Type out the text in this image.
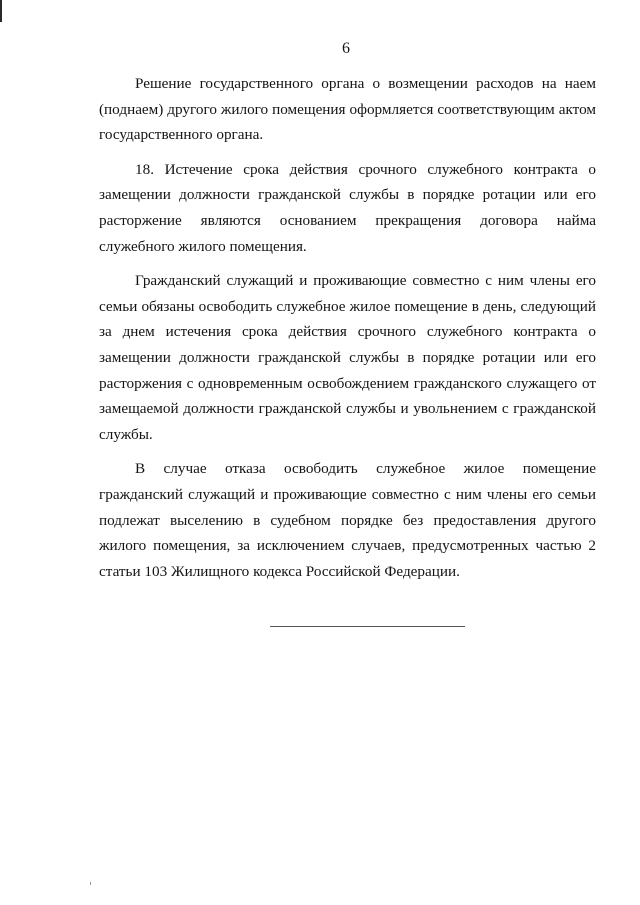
6

Решение государственного органа о возмещении расходов на наем (поднаем) другого жилого помещения оформляется соответствующим актом государственного органа.

18. Истечение срока действия срочного служебного контракта о замещении должности гражданской службы в порядке ротации или его расторжение являются основанием прекращения договора найма служебного жилого помещения.

Гражданский служащий и проживающие совместно с ним члены его семьи обязаны освободить служебное жилое помещение в день, следующий за днем истечения срока действия срочного служебного контракта о замещении должности гражданской службы в порядке ротации или его расторжения с одновременным освобождением гражданского служащего от замещаемой должности гражданской службы и увольнением с гражданской службы.

В случае отказа освободить служебное жилое помещение гражданский служащий и проживающие совместно с ним члены его семьи подлежат выселению в судебном порядке без предоставления другого жилого помещения, за исключением случаев, предусмотренных частью 2 статьи 103 Жилищного кодекса Российской Федерации.
